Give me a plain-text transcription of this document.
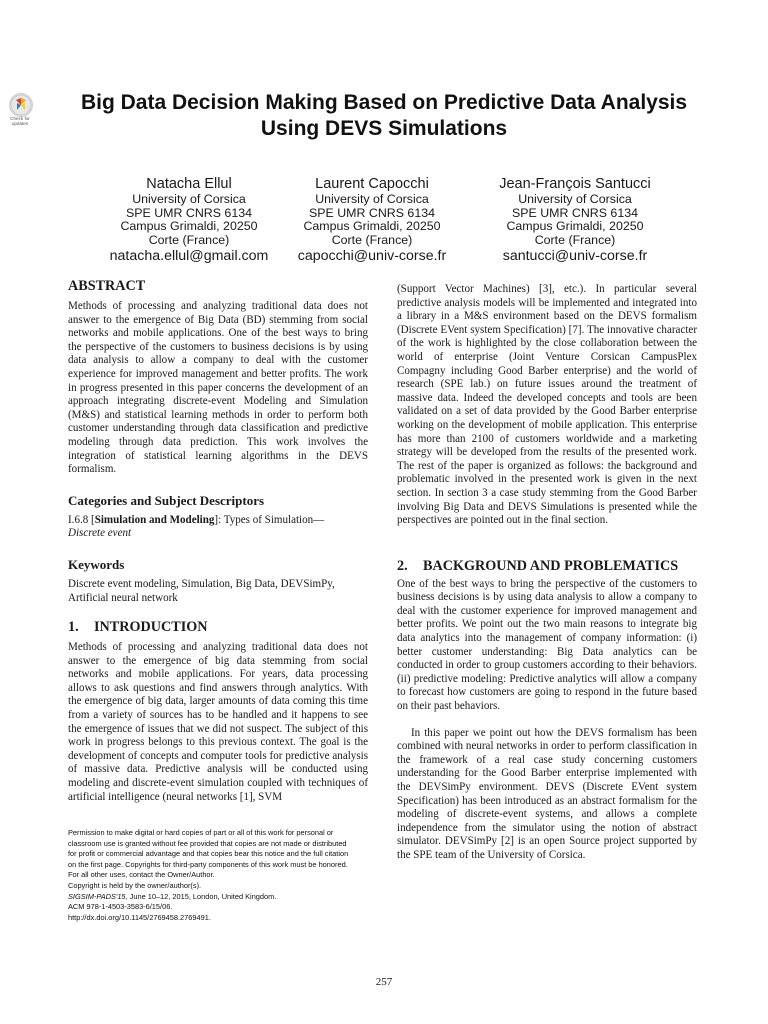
Check for updates
Big Data Decision Making Based on Predictive Data Analysis Using DEVS Simulations
Natacha Ellul
University of Corsica
SPE UMR CNRS 6134
Campus Grimaldi, 20250
Corte (France)
natacha.ellul@gmail.com
Laurent Capocchi
University of Corsica
SPE UMR CNRS 6134
Campus Grimaldi, 20250
Corte (France)
capocchi@univ-corse.fr
Jean-François Santucci
University of Corsica
SPE UMR CNRS 6134
Campus Grimaldi, 20250
Corte (France)
santucci@univ-corse.fr
ABSTRACT

Methods of processing and analyzing traditional data does not answer to the emergence of Big Data (BD) stemming from social networks and mobile applications. One of the best ways to bring the perspective of the customers to business decisions is by using data analysis to allow a company to deal with the customer experience for improved management and better profits. The work in progress presented in this paper concerns the development of an approach integrating discrete-event Modeling and Simulation (M&S) and statistical learning methods in order to perform both customer understanding through data classification and predictive modeling through data prediction. This work involves the integration of statistical learning algorithms in the DEVS formalism.

Categories and Subject Descriptors

I.6.8 [Simulation and Modeling]: Types of Simulation—
Discrete event

Keywords

Discrete event modeling, Simulation, Big Data, DEVSimPy, Artificial neural network

1. INTRODUCTION

Methods of processing and analyzing traditional data does not answer to the emergence of big data stemming from social networks and mobile applications. For years, data processing allows to ask questions and find answers through analytics. With the emergence of big data, larger amounts of data coming this time from a variety of sources has to be handled and it happens to see the emergence of issues that we did not suspect. The subject of this work in progress belongs to this previous context. The goal is the development of concepts and computer tools for predictive analysis of massive data. Predictive analysis will be conducted using modeling and discrete-event simulation coupled with techniques of artificial intelligence (neural networks [1], SVM

Permission to make digital or hard copies of part or all of this work for personal or
classroom use is granted without fee provided that copies are not made or distributed
for profit or commercial advantage and that copies bear this notice and the full citation
on the first page. Copyrights for third-party components of this work must be honored.
For all other uses, contact the Owner/Author.
Copyright is held by the owner/author(s).
SIGSIM-PADS'15, June 10–12, 2015, London, United Kingdom.
ACM 978-1-4503-3583-6/15/06.
http://dx.doi.org/10.1145/2769458.2769491.

(Support Vector Machines) [3], etc.). In particular several predictive analysis models will be implemented and integrated into a library in a M&S environment based on the DEVS formalism (Discrete EVent system Specification) [7]. The innovative character of the work is highlighted by the close collaboration between the world of enterprise (Joint Venture Corsican CampusPlex Compagny including Good Barber enterprise) and the world of research (SPE lab.) on future issues around the treatment of massive data. Indeed the developed concepts and tools are been validated on a set of data provided by the Good Barber enterprise working on the development of mobile application. This enterprise has more than 2100 of customers worldwide and a marketing strategy will be developed from the results of the presented work. The rest of the paper is organized as follows: the background and problematic involved in the presented work is given in the next section. In section 3 a case study stemming from the Good Barber involving Big Data and DEVS Simulations is presented while the perspectives are pointed out in the final section.

2. BACKGROUND AND PROBLEMATICS

One of the best ways to bring the perspective of the customers to business decisions is by using data analysis to allow a company to deal with the customer experience for improved management and better profits. We point out the two main reasons to integrate big data analytics into the management of company information: (i) better customer understanding: Big Data analytics can be conducted in order to group customers according to their behaviors. (ii) predictive modeling: Predictive analytics will allow a company to forecast how customers are going to respond in the future based on their past behaviors.

In this paper we point out how the DEVS formalism has been combined with neural networks in order to perform classification in the framework of a real case study concerning customers understanding for the Good Barber enterprise implemented with the DEVSimPy environment. DEVS (Discrete EVent system Specification) has been introduced as an abstract formalism for the modeling of discrete-event systems, and allows a complete independence from the simulator using the notion of abstract simulator. DEVSimPy [2] is an open Source project supported by the SPE team of the University of Corsica.

257
